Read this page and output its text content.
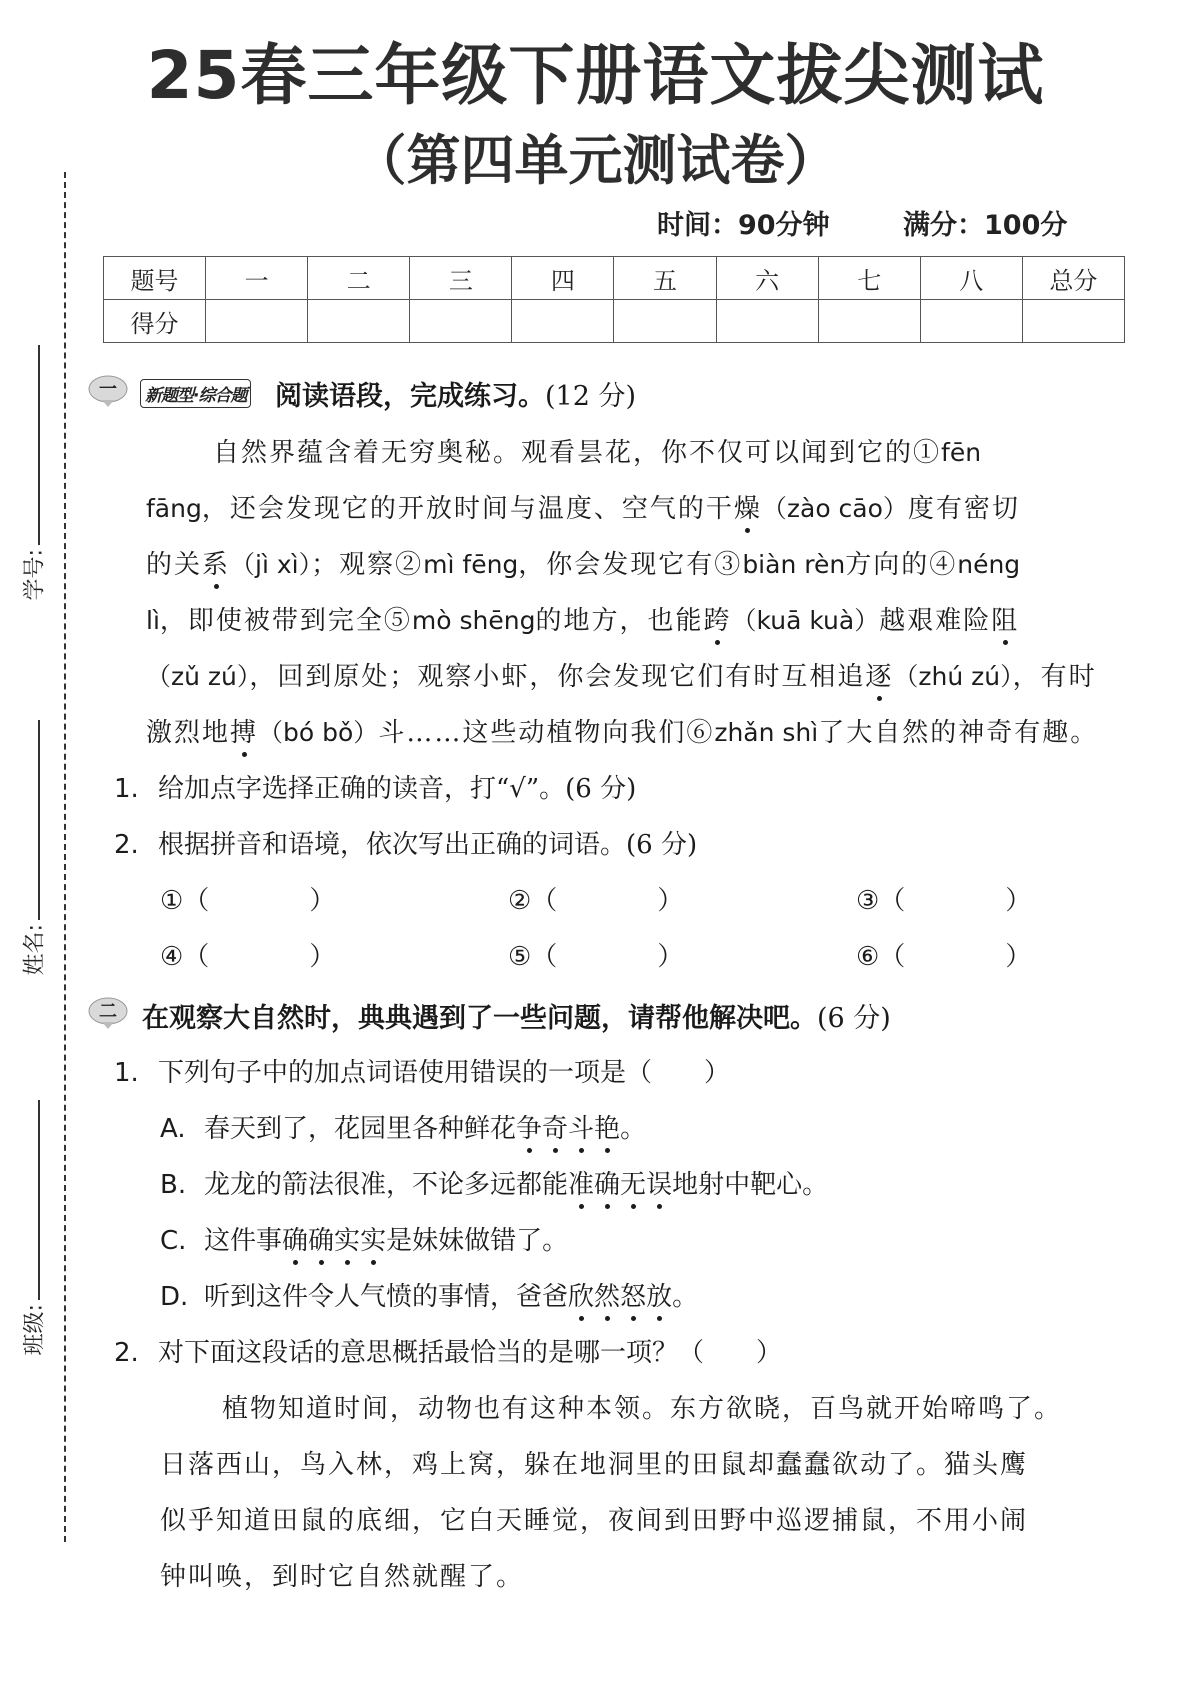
25春三年级下册语文拔尖测试
（第四单元测试卷）
时间：90分钟	满分：100分
题号	一	二	三	四	五	六	七	八	总分
得分									
学号:
姓名:
班级:
一 新题型·综合题 阅读语段，完成练习。(12 分)
自然界蕴含着无穷奥秘。观看昙花，你不仅可以闻到它的①fēn
fāng，还会发现它的开放时间与温度、空气的干燥（zào cāo）度有密切
的关系（jì xì）；观察②mì fēng，你会发现它有③biàn rèn方向的④néng
lì，即使被带到完全⑤mò shēng的地方，也能跨（kuā kuà）越艰难险阻
（zǔ zú），回到原处；观察小虾，你会发现它们有时互相追逐（zhú zú），有时
激烈地搏（bó bǒ）斗……这些动植物向我们⑥zhǎn shì了大自然的神奇有趣。
1. 给加点字选择正确的读音，打“√”。(6 分)
2. 根据拼音和语境，依次写出正确的词语。(6 分)
①（	）	②（	）	③（	）
④（	）	⑤（	）	⑥（	）
二 在观察大自然时，典典遇到了一些问题，请帮他解决吧。(6 分)
1. 下列句子中的加点词语使用错误的一项是（　　）
A. 春天到了，花园里各种鲜花争奇斗艳。
B. 龙龙的箭法很准，不论多远都能准确无误地射中靶心。
C. 这件事确确实实是妹妹做错了。
D. 听到这件令人气愤的事情，爸爸欣然怒放。
2. 对下面这段话的意思概括最恰当的是哪一项？（　　）
植物知道时间，动物也有这种本领。东方欲晓，百鸟就开始啼鸣了。
日落西山，鸟入林，鸡上窝，躲在地洞里的田鼠却蠢蠢欲动了。猫头鹰
似乎知道田鼠的底细，它白天睡觉，夜间到田野中巡逻捕鼠，不用小闹
钟叫唤，到时它自然就醒了。
